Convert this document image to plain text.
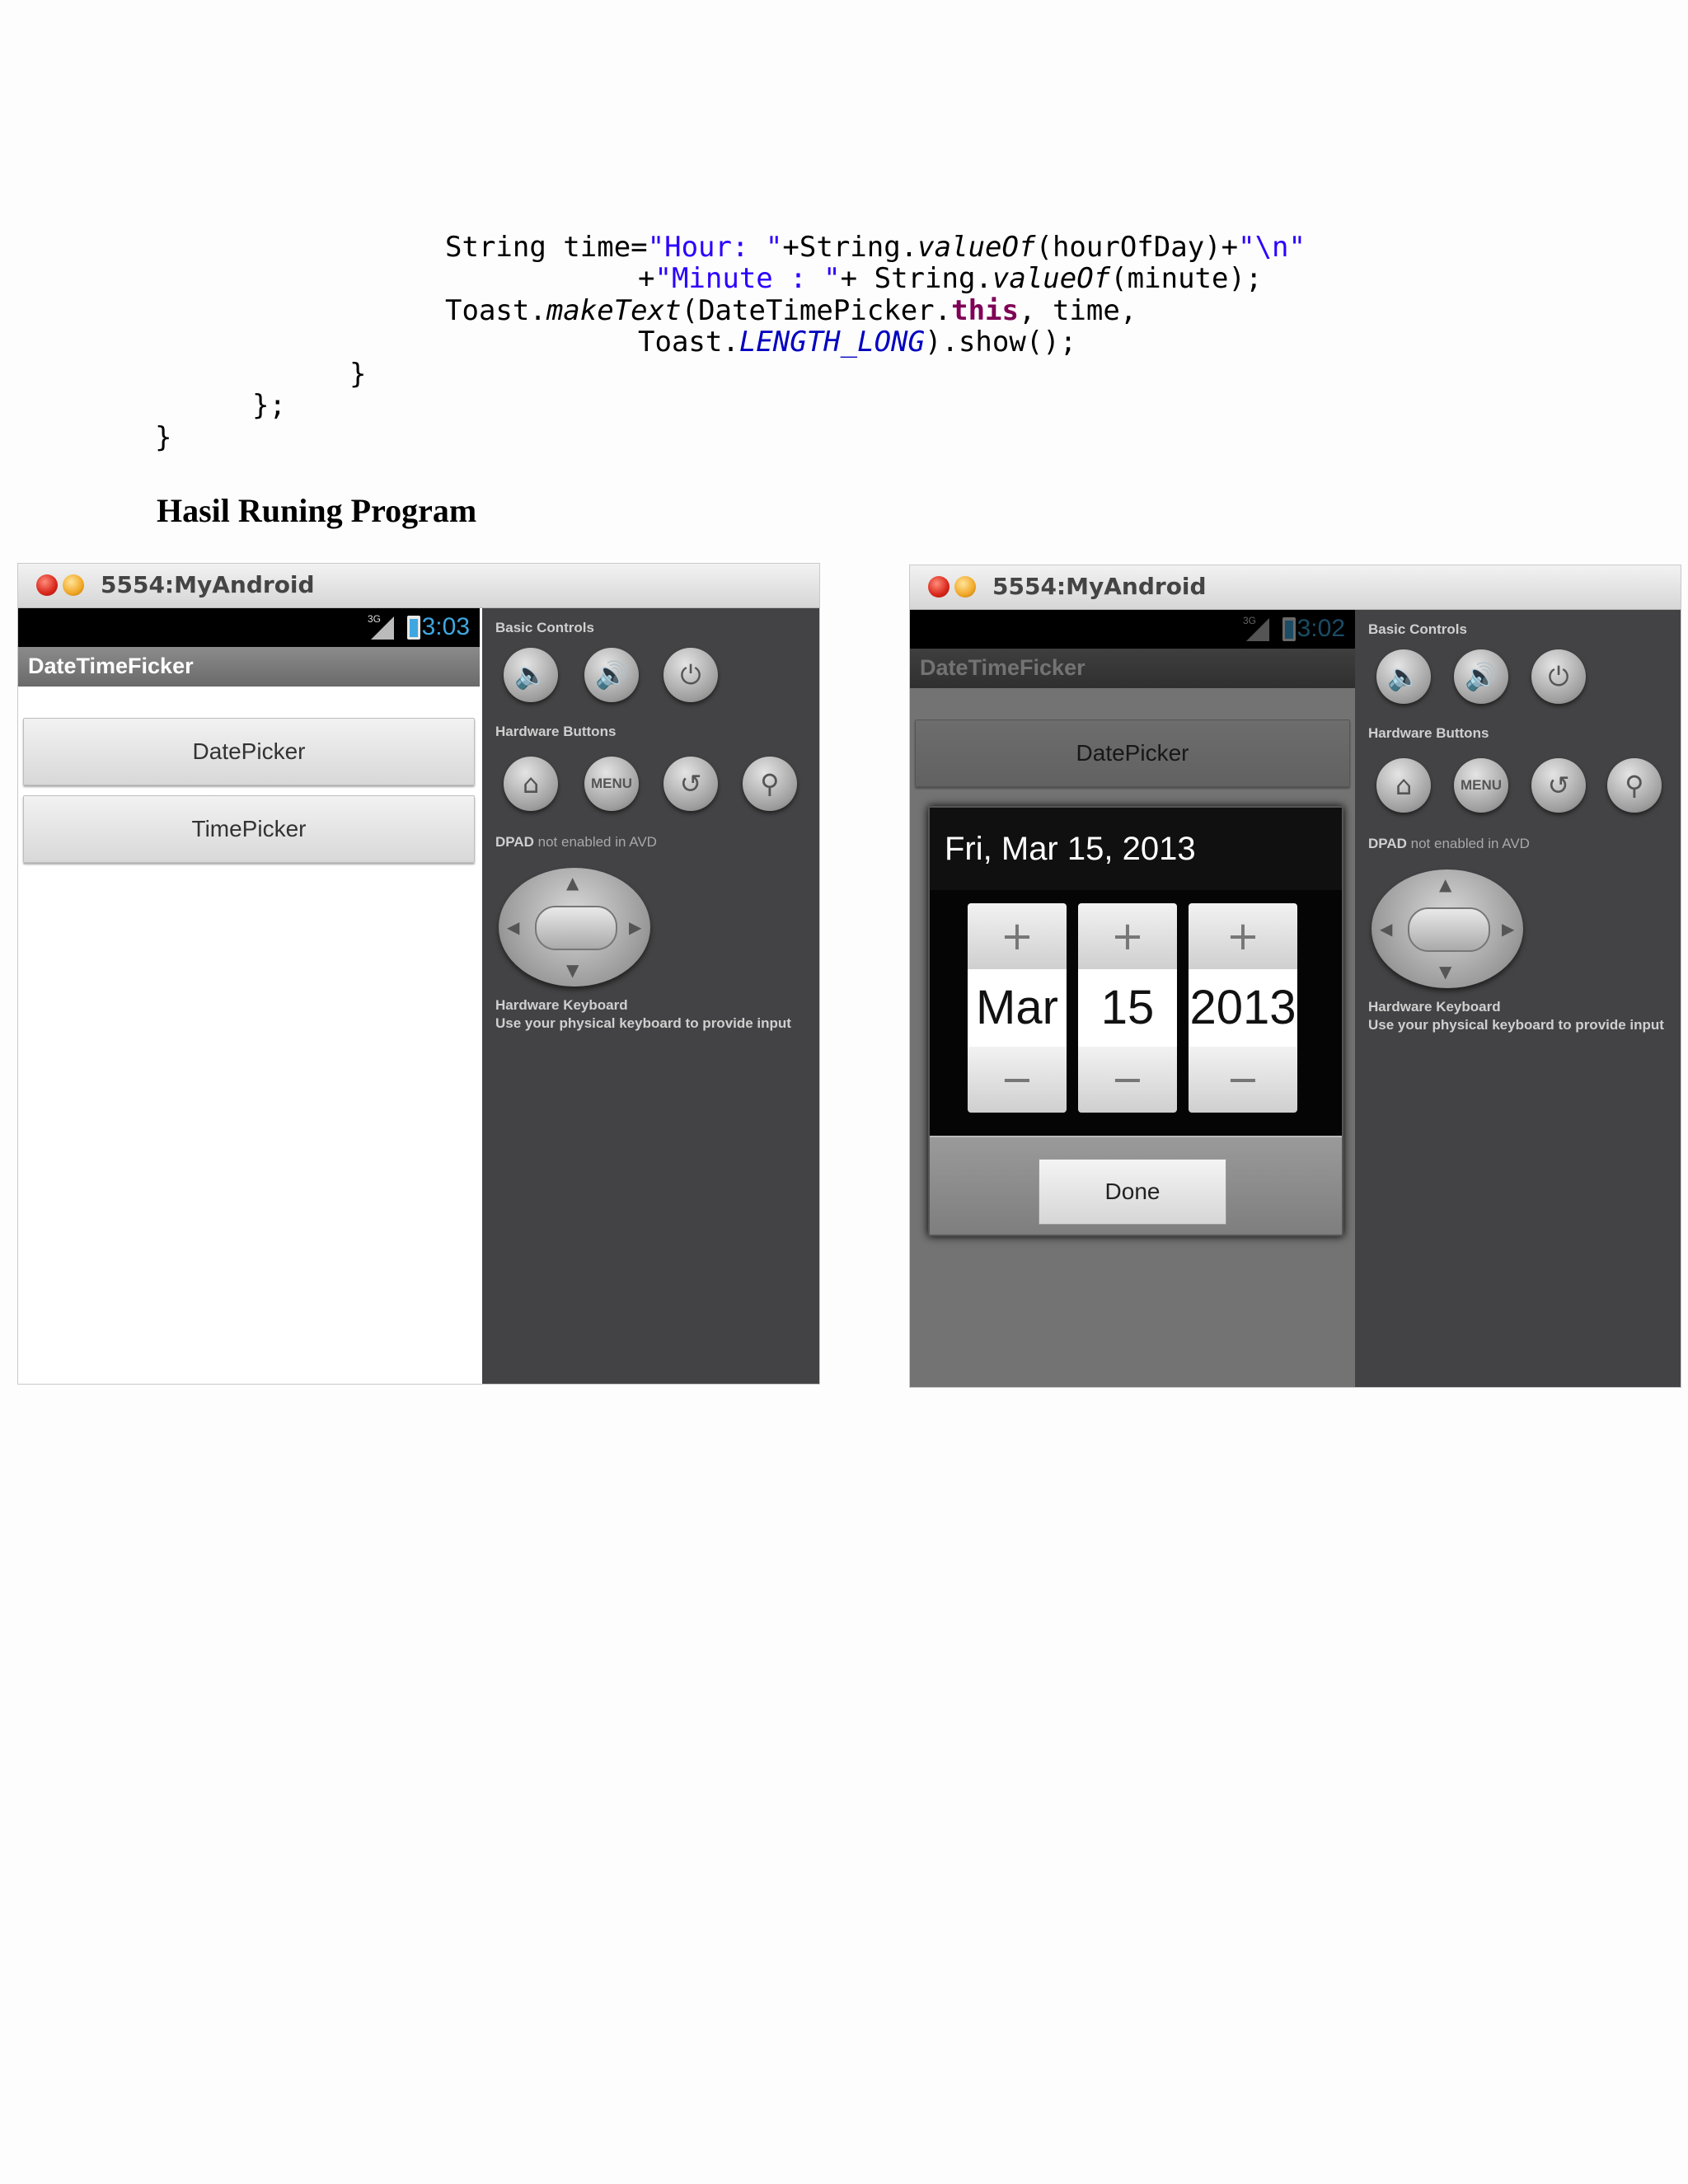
String time="Hour: "+String.valueOf(hourOfDay)+"\n"
+"Minute : "+ String.valueOf(minute);
Toast.makeText(DateTimePicker.this, time,
Toast.LENGTH_LONG).show();
}
};
}
Hasil Runing Program
5554:MyAndroid
3G 3:03
DateTimeFicker
DatePicker
TimePicker
Basic Controls
🔈	🔊	⏻
Hardware Buttons
⌂	MENU	↺	⚲
DPAD not enabled in AVD
▲
▼
◀	▶
Hardware Keyboard
Use your physical keyboard to provide input
5554:MyAndroid
Fri, Mar 15, 2013
+
Mar
−
+
15
−
+
2013
−
Done
Basic Controls
🔈	🔊	⏻
Hardware Buttons
⌂	MENU	↺	⚲
DPAD not enabled in AVD
▲
▼
◀	▶
Hardware Keyboard
Use your physical keyboard to provide input
